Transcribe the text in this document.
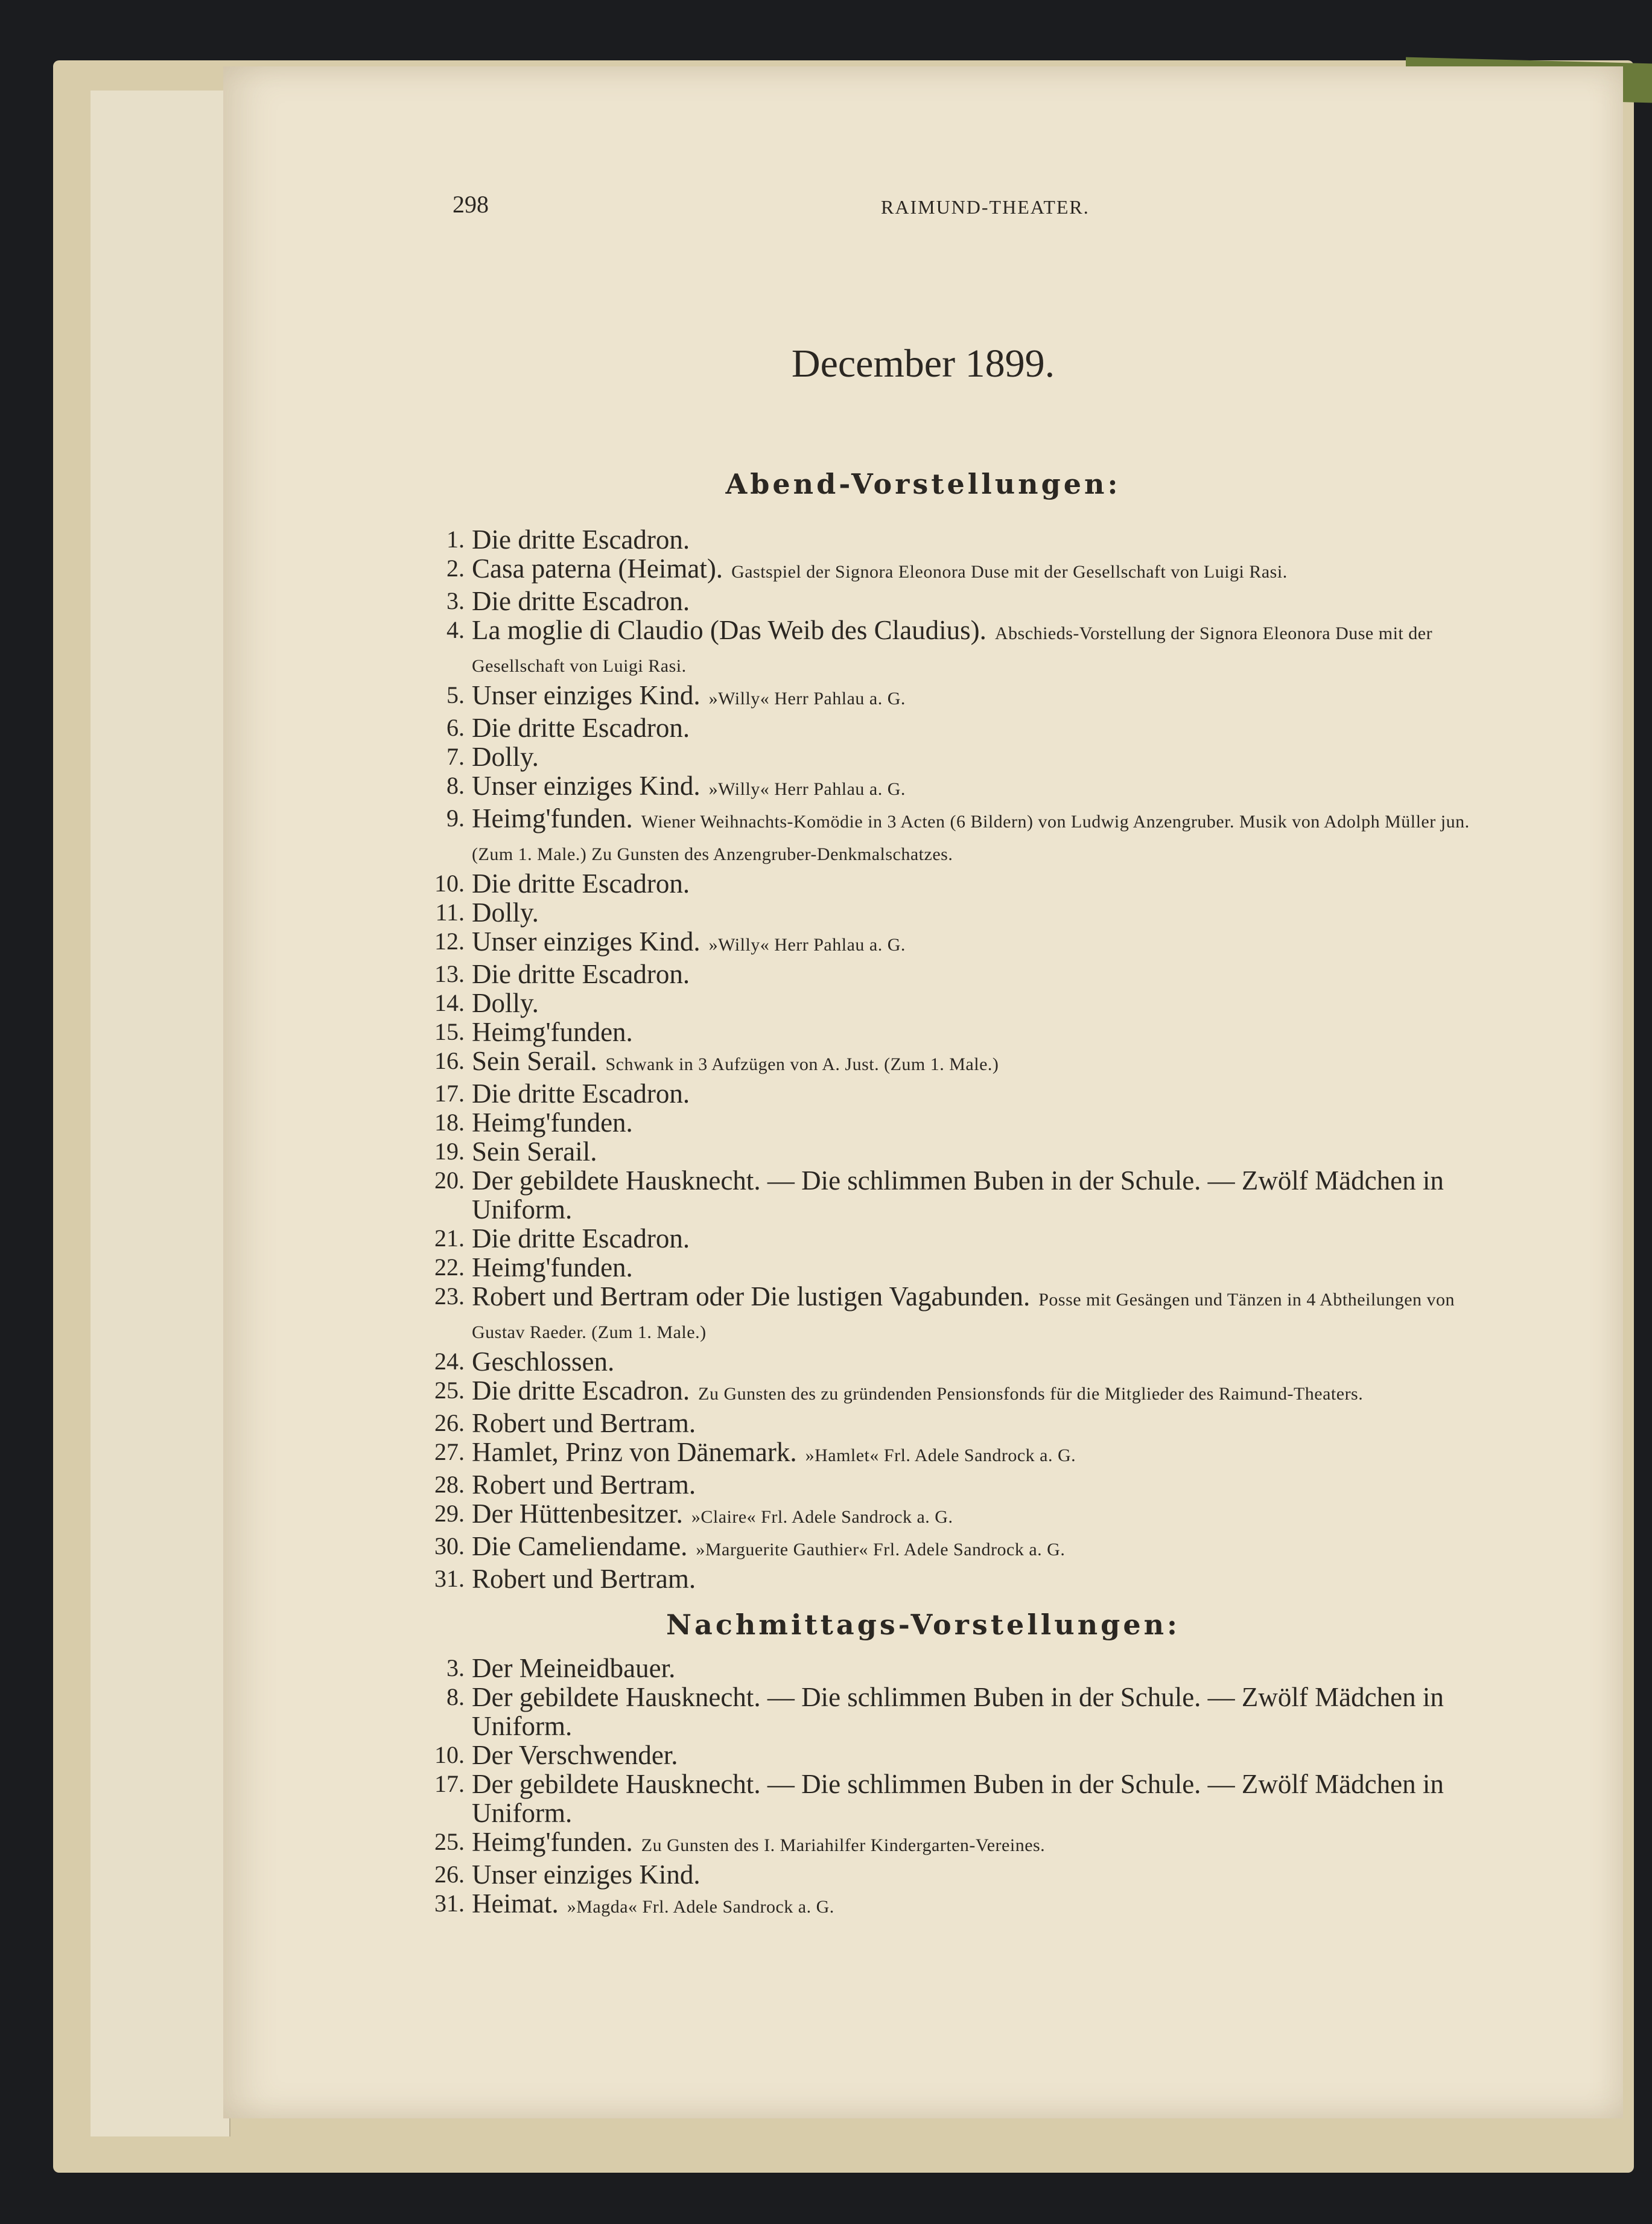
298	RAIMUND-THEATER.
December 1899.
Abend-Vorstellungen:
1. Die dritte Escadron.
2. Casa paterna (Heimat). Gastspiel der Signora Eleonora Duse mit der Gesellschaft von Luigi Rasi.
3. Die dritte Escadron.
4. La moglie di Claudio (Das Weib des Claudius). Abschieds-Vorstellung der Signora Eleonora Duse mit der Gesellschaft von Luigi Rasi.
5. Unser einziges Kind. »Willy« Herr Pahlau a. G.
6. Die dritte Escadron.
7. Dolly.
8. Unser einziges Kind. »Willy« Herr Pahlau a. G.
9. Heimg'funden. Wiener Weihnachts-Komödie in 3 Acten (6 Bildern) von Ludwig Anzengruber. Musik von Adolph Müller jun. (Zum 1. Male.) Zu Gunsten des Anzengruber-Denkmalschatzes.
10. Die dritte Escadron.
11. Dolly.
12. Unser einziges Kind. »Willy« Herr Pahlau a. G.
13. Die dritte Escadron.
14. Dolly.
15. Heimg'funden.
16. Sein Serail. Schwank in 3 Aufzügen von A. Just. (Zum 1. Male.)
17. Die dritte Escadron.
18. Heimg'funden.
19. Sein Serail.
20. Der gebildete Hausknecht. — Die schlimmen Buben in der Schule. — Zwölf Mädchen in Uniform.
21. Die dritte Escadron.
22. Heimg'funden.
23. Robert und Bertram oder Die lustigen Vagabunden. Posse mit Gesängen und Tänzen in 4 Abtheilungen von Gustav Raeder. (Zum 1. Male.)
24. Geschlossen.
25. Die dritte Escadron. Zu Gunsten des zu gründenden Pensionsfonds für die Mitglieder des Raimund-Theaters.
26. Robert und Bertram.
27. Hamlet, Prinz von Dänemark. »Hamlet« Frl. Adele Sandrock a. G.
28. Robert und Bertram.
29. Der Hüttenbesitzer. »Claire« Frl. Adele Sandrock a. G.
30. Die Cameliendame. »Marguerite Gauthier« Frl. Adele Sandrock a. G.
31. Robert und Bertram.
Nachmittags-Vorstellungen:
3. Der Meineidbauer.
8. Der gebildete Hausknecht. — Die schlimmen Buben in der Schule. — Zwölf Mädchen in Uniform.
10. Der Verschwender.
17. Der gebildete Hausknecht. — Die schlimmen Buben in der Schule. — Zwölf Mädchen in Uniform.
25. Heimg'funden. Zu Gunsten des I. Mariahilfer Kindergarten-Vereines.
26. Unser einziges Kind.
31. Heimat. »Magda« Frl. Adele Sandrock a. G.
